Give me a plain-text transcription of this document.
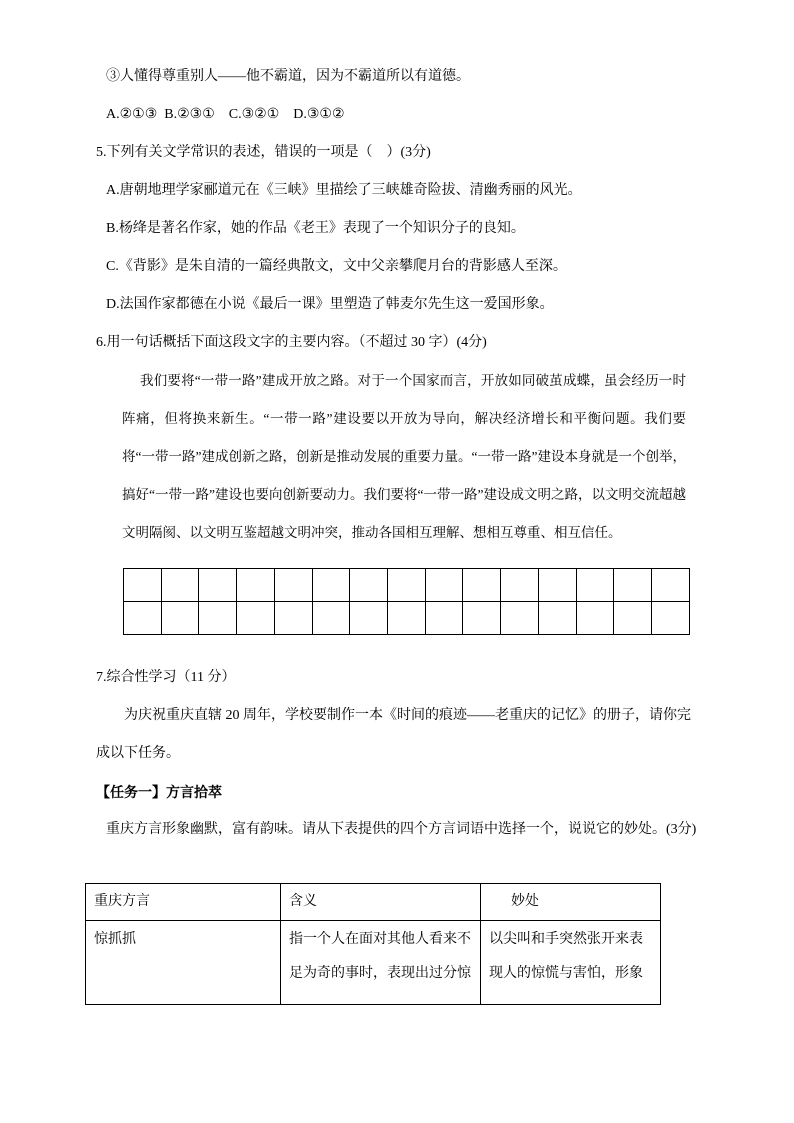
③人懂得尊重别人——他不霸道，因为不霸道所以有道德。

A.②①③  B.②③①    C.③②①    D.③①②

5.下列有关文学常识的表述，错误的一项是（    ）(3分)

A.唐朝地理学家郦道元在《三峡》里描绘了三峡雄奇险拔、清幽秀丽的风光。

B.杨绛是著名作家，她的作品《老王》表现了一个知识分子的良知。

C.《背影》是朱自清的一篇经典散文，文中父亲攀爬月台的背影感人至深。

D.法国作家都德在小说《最后一课》里塑造了韩麦尔先生这一爱国形象。

6.用一句话概括下面这段文字的主要内容。（不超过 30 字）(4分)

我们要将“一带一路”建成开放之路。对于一个国家而言，开放如同破茧成蝶，虽会经历一时阵痛，但将换来新生。“一带一路”建设要以开放为导向，解决经济增长和平衡问题。我们要将“一带一路”建成创新之路，创新是推动发展的重要力量。“一带一路”建设本身就是一个创举，搞好“一带一路”建设也要向创新要动力。我们要将“一带一路”建设成文明之路，以文明交流超越文明隔阂、以文明互鉴超越文明冲突，推动各国相互理解、想相互尊重、相互信任。

7.综合性学习（11 分）

为庆祝重庆直辖 20 周年，学校要制作一本《时间的痕迹——老重庆的记忆》的册子，请你完成以下任务。

【任务一】方言拾萃

重庆方言形象幽默，富有韵味。请从下表提供的四个方言词语中选择一个，说说它的妙处。(3分)

重庆方言	含义	妙处
惊抓抓	指一个人在面对其他人看来不足为奇的事时，表现出过分惊	以尖叫和手突然张开来表现人的惊慌与害怕，形象
